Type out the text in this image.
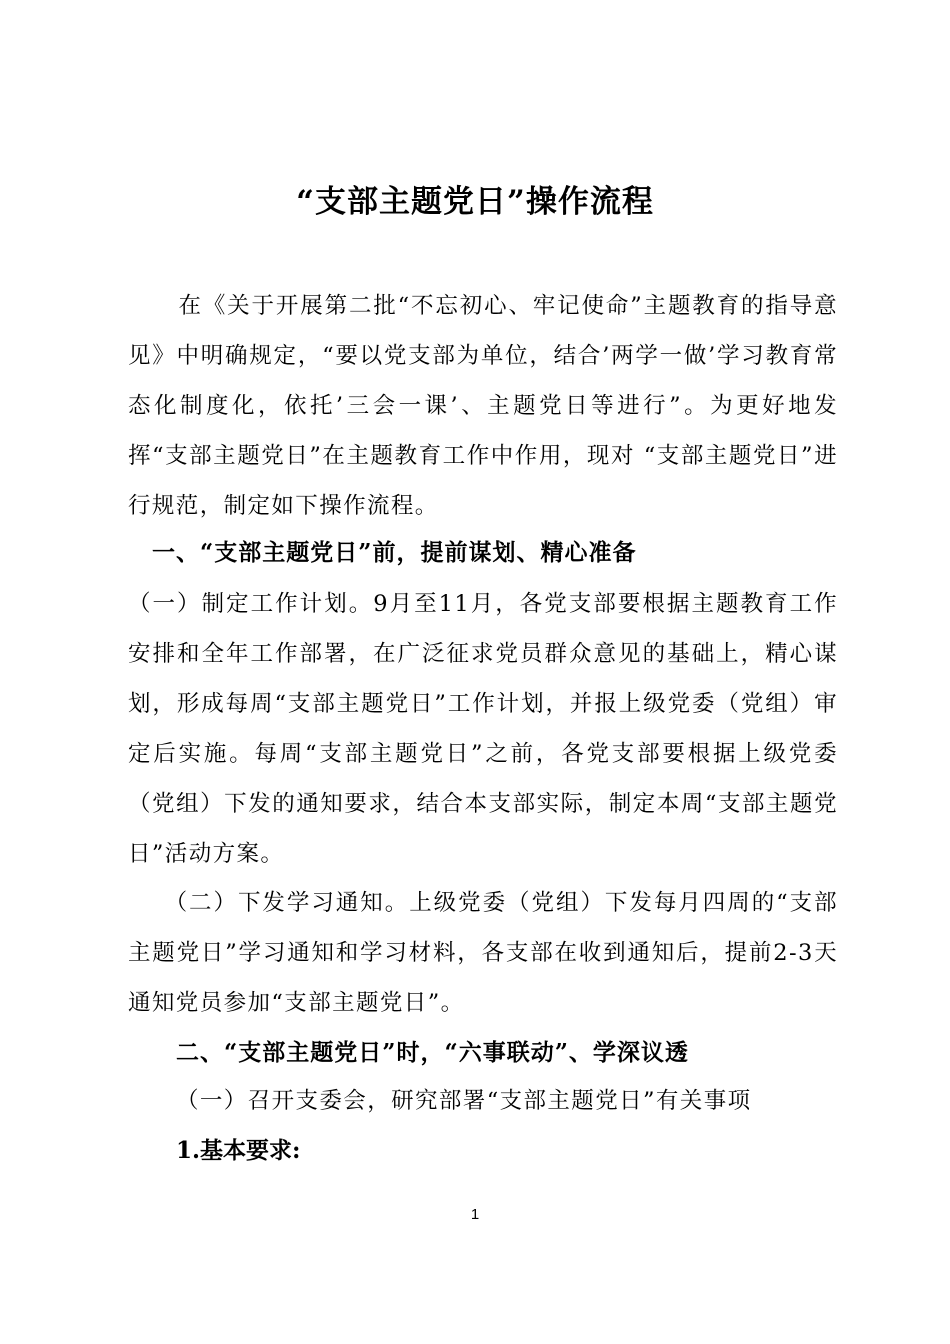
“支部主题党日”操作流程
在《关于开展第二批“不忘初心、牢记使命”主题教育的指导意见》中明确规定，“要以党支部为单位，结合’两学一做’学习教育常态化制度化，依托’三会一课’、主题党日等进行”。为更好地发挥“支部主题党日”在主题教育工作中作用，现对 “支部主题党日”进行规范，制定如下操作流程。
一、“支部主题党日”前，提前谋划、精心准备
（一）制定工作计划。9月至11月，各党支部要根据主题教育工作安排和全年工作部署，在广泛征求党员群众意见的基础上，精心谋划，形成每周“支部主题党日”工作计划，并报上级党委（党组）审定后实施。每周“支部主题党日”之前，各党支部要根据上级党委（党组）下发的通知要求，结合本支部实际，制定本周“支部主题党日”活动方案。
（二）下发学习通知。上级党委（党组）下发每月四周的“支部主题党日”学习通知和学习材料，各支部在收到通知后，提前2-3天通知党员参加“支部主题党日”。
二、“支部主题党日”时，“六事联动”、学深议透
（一）召开支委会，研究部署“支部主题党日”有关事项
1.基本要求:
1
